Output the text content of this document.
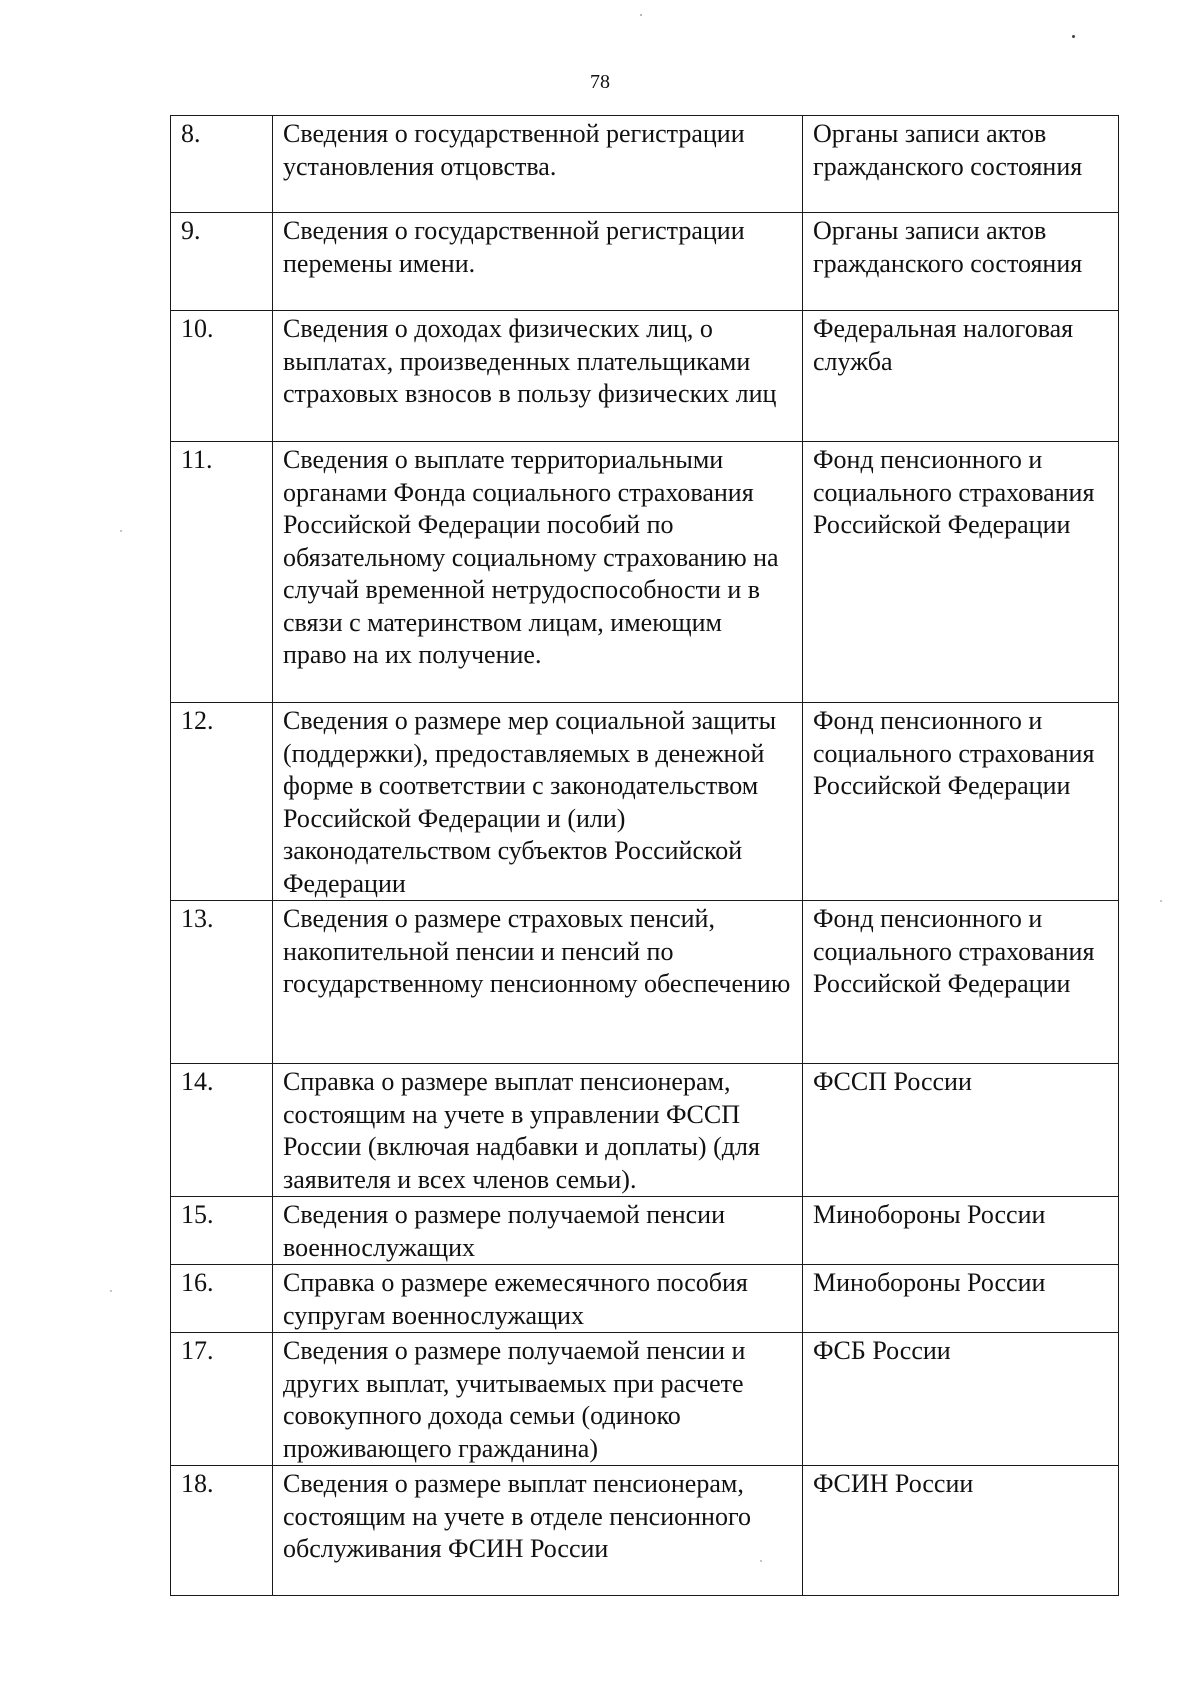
78
8.	Сведения о государственной регистрации установления отцовства.	Органы записи актов гражданского состояния
9.	Сведения о государственной регистрации перемены имени.	Органы записи актов гражданского состояния
10.	Сведения о доходах физических лиц, о выплатах, произведенных плательщиками страховых взносов в пользу физических лиц	Федеральная налоговая служба
11.	Сведения о выплате территориальными органами Фонда социального страхования Российской Федерации пособий по обязательному социальному страхованию на случай временной нетрудоспособности и в связи с материнством лицам, имеющим право на их получение.	Фонд пенсионного и социального страхования Российской Федерации
12.	Сведения о размере мер социальной защиты (поддержки), предоставляемых в денежной форме в соответствии с законодательством Российской Федерации и (или) законодательством субъектов Российской Федерации	Фонд пенсионного и социального страхования Российской Федерации
13.	Сведения о размере страховых пенсий, накопительной пенсии и пенсий по государственному пенсионному обеспечению	Фонд пенсионного и социального страхования Российской Федерации
14.	Справка о размере выплат пенсионерам, состоящим на учете в управлении ФССП России (включая надбавки и доплаты) (для заявителя и всех членов семьи).	ФССП России
15.	Сведения о размере получаемой пенсии военнослужащих	Минобороны России
16.	Справка о размере ежемесячного пособия супругам военнослужащих	Минобороны России
17.	Сведения о размере получаемой пенсии и других выплат, учитываемых при расчете совокупного дохода семьи (одиноко проживающего гражданина)	ФСБ России
18.	Сведения о размере выплат пенсионерам, состоящим на учете в отделе пенсионного обслуживания ФСИН России	ФСИН России
